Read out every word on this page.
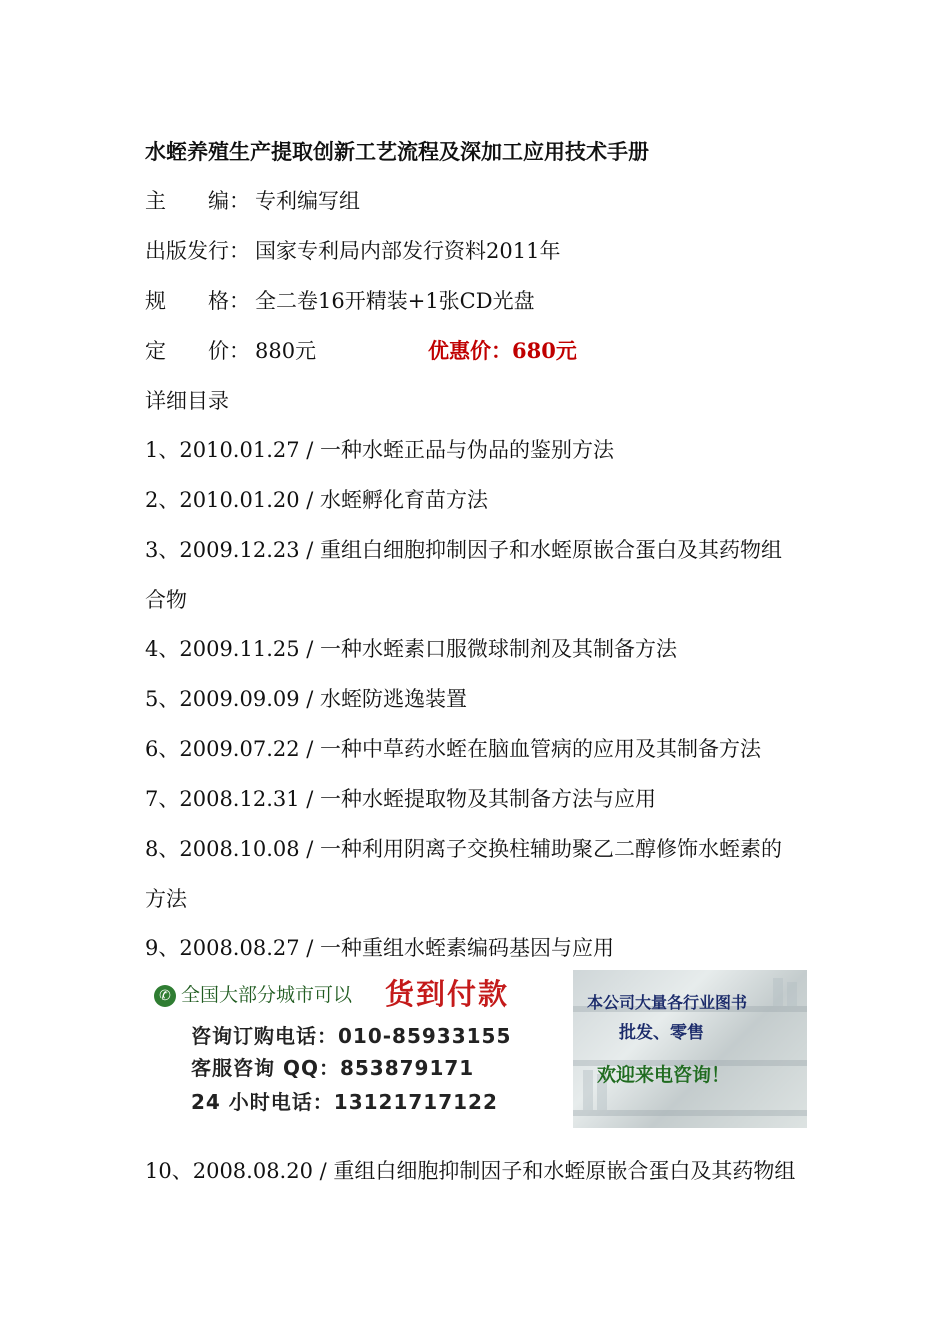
水蛭养殖生产提取创新工艺流程及深加工应用技术手册
主　　编： 专利编写组
出版发行： 国家专利局内部发行资料2011年
规　　格： 全二卷16开精装+1张CD光盘
定　　价： 880元	优惠价：680元
详细目录
1、2010.01.27 / 一种水蛭正品与伪品的鉴别方法
2、2010.01.20 / 水蛭孵化育苗方法
3、2009.12.23 / 重组白细胞抑制因子和水蛭原嵌合蛋白及其药物组
合物
4、2009.11.25 / 一种水蛭素口服微球制剂及其制备方法
5、2009.09.09 / 水蛭防逃逸装置
6、2009.07.22 / 一种中草药水蛭在脑血管病的应用及其制备方法
7、2008.12.31 / 一种水蛭提取物及其制备方法与应用
8、2008.10.08 / 一种利用阴离子交换柱辅助聚乙二醇修饰水蛭素的
方法
9、2008.08.27 / 一种重组水蛭素编码基因与应用
✆ 全国大部分城市可以 货到付款
咨询订购电话：010-85933155
客服咨询 QQ：853879171
24 小时电话：13121717122
本公司大量各行业图书
批发、零售
欢迎来电咨询！
10、2008.08.20 / 重组白细胞抑制因子和水蛭原嵌合蛋白及其药物组
